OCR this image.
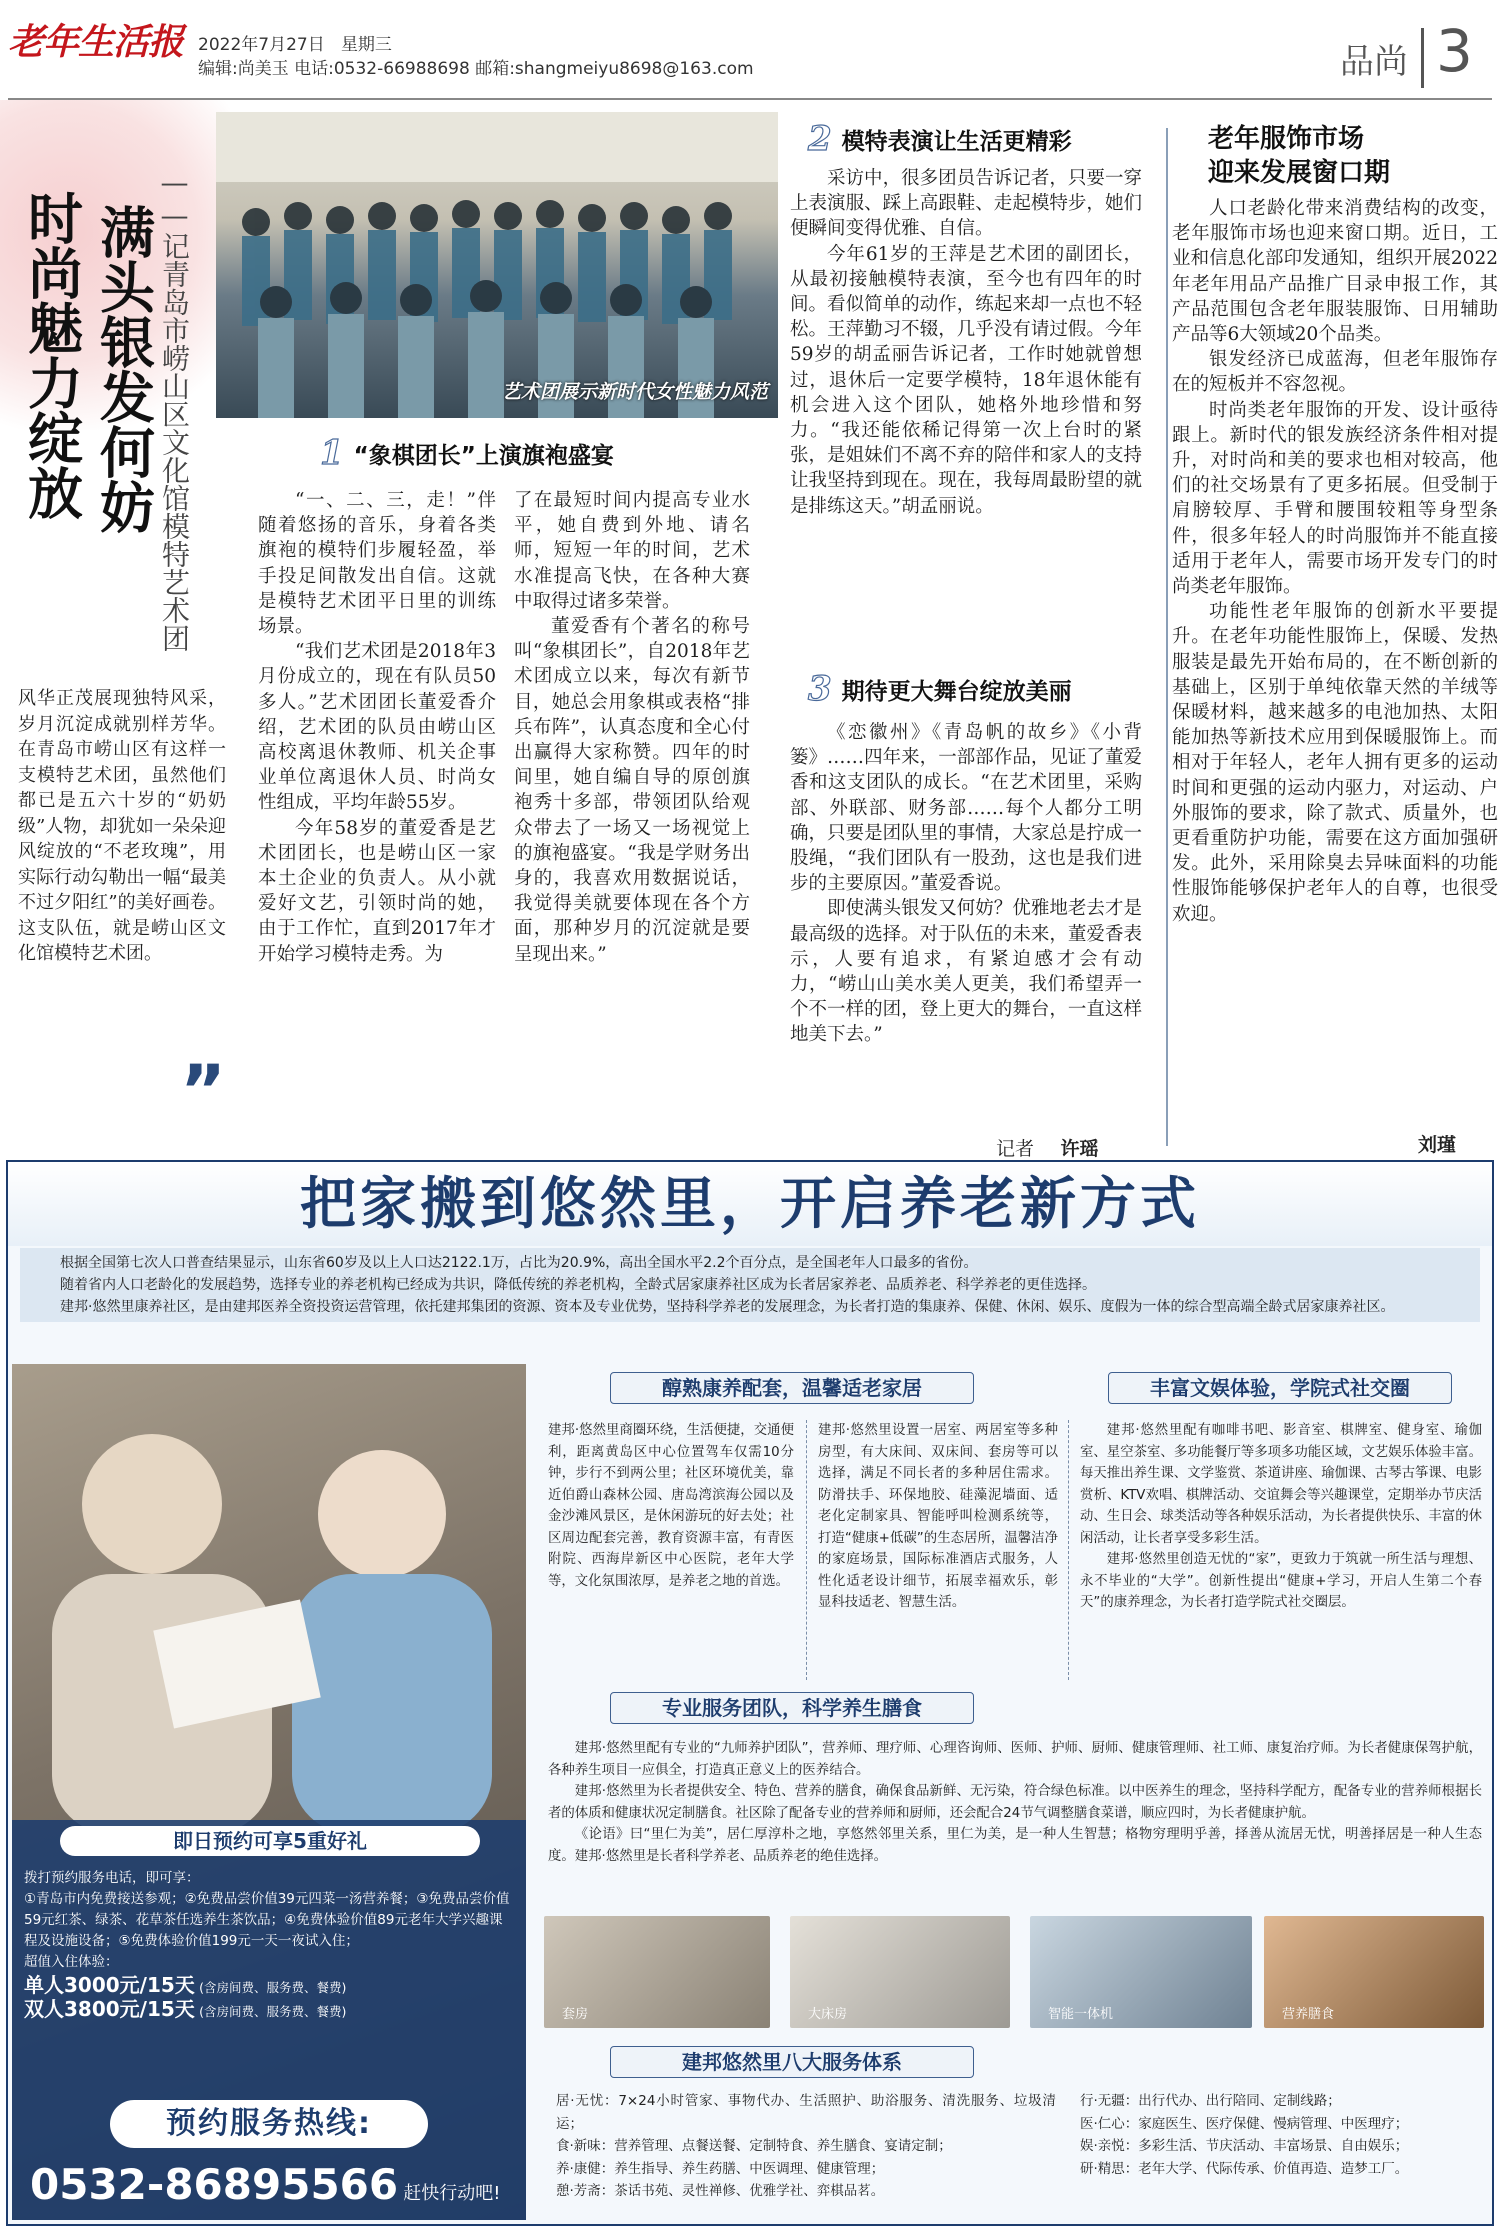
老年生活报 2022年7月27日 星期三
编辑:尚美玉 电话:0532-66988698 邮箱:shangmeiyu8698@163.com	品尚 3
满头银发何妨
时尚魅力绽放	——记青岛市崂山区文化馆模特艺术团	艺术团展示新时代女性魅力风范
风华正茂展现独特风采，岁月沉淀成就别样芳华。在青岛市崂山区有这样一支模特艺术团，虽然他们都已是五六十岁的“奶奶级”人物，却犹如一朵朵迎风绽放的“不老玫瑰”，用实际行动勾勒出一幅“最美不过夕阳红”的美好画卷。这支队伍，就是崂山区文化馆模特艺术团。
”
1 “象棋团长”上演旗袍盛宴

“一、二、三，走！”伴随着悠扬的音乐，身着各类旗袍的模特们步履轻盈，举手投足间散发出自信。这就是模特艺术团平日里的训练场景。

“我们艺术团是2018年3月份成立的，现在有队员50多人。”艺术团团长董爱香介绍，艺术团的队员由崂山区高校离退休教师、机关企事业单位离退休人员、时尚女性组成，平均年龄55岁。

今年58岁的董爱香是艺术团团长，也是崂山区一家本土企业的负责人。从小就爱好文艺，引领时尚的她，由于工作忙，直到2017年才开始学习模特走秀。为

了在最短时间内提高专业水平，她自费到外地、请名师，短短一年的时间，艺术水准提高飞快，在各种大赛中取得过诸多荣誉。

董爱香有个著名的称号叫“象棋团长”，自2018年艺术团成立以来，每次有新节目，她总会用象棋或表格“排兵布阵”，认真态度和全心付出赢得大家称赞。四年的时间里，她自编自导的原创旗袍秀十多部，带领团队给观众带去了一场又一场视觉上的旗袍盛宴。“我是学财务出身的，我喜欢用数据说话，我觉得美就要体现在各个方面，那种岁月的沉淀就是要呈现出来。”

2 模特表演让生活更精彩

采访中，很多团员告诉记者，只要一穿上表演服、踩上高跟鞋、走起模特步，她们便瞬间变得优雅、自信。

今年61岁的王萍是艺术团的副团长，从最初接触模特表演，至今也有四年的时间。看似简单的动作，练起来却一点也不轻松。王萍勤习不辍，几乎没有请过假。今年59岁的胡孟丽告诉记者，工作时她就曾想过，退休后一定要学模特，18年退休能有机会进入这个团队，她格外地珍惜和努力。“我还能依稀记得第一次上台时的紧张，是姐妹们不离不弃的陪伴和家人的支持让我坚持到现在。现在，我每周最盼望的就是排练这天。”胡孟丽说。

3 期待更大舞台绽放美丽

《恋徽州》《青岛帆的故乡》《小背篓》……四年来，一部部作品，见证了董爱香和这支团队的成长。“在艺术团里，采购部、外联部、财务部……每个人都分工明确，只要是团队里的事情，大家总是拧成一股绳，“我们团队有一股劲，这也是我们进步的主要原因。”董爱香说。

即使满头银发又何妨？优雅地老去才是最高级的选择。对于队伍的未来，董爱香表示，人要有追求，有紧迫感才会有动力，“崂山山美水美人更美，我们希望弄一个不一样的团，登上更大的舞台，一直这样地美下去。”

记者 许瑶
老年服饰市场
迎来发展窗口期

人口老龄化带来消费结构的改变，老年服饰市场也迎来窗口期。近日，工业和信息化部印发通知，组织开展2022年老年用品产品推广目录申报工作，其产品范围包含老年服装服饰、日用辅助产品等6大领域20个品类。

银发经济已成蓝海，但老年服饰存在的短板并不容忽视。

时尚类老年服饰的开发、设计亟待跟上。新时代的银发族经济条件相对提升，对时尚和美的要求也相对较高，他们的社交场景有了更多拓展。但受制于肩膀较厚、手臂和腰围较粗等身型条件，很多年轻人的时尚服饰并不能直接适用于老年人，需要市场开发专门的时尚类老年服饰。

功能性老年服饰的创新水平要提升。在老年功能性服饰上，保暖、发热服装是最先开始布局的，在不断创新的基础上，区别于单纯依靠天然的羊绒等保暖材料，越来越多的电池加热、太阳能加热等新技术应用到保暖服饰上。而相对于年轻人，老年人拥有更多的运动时间和更强的运动内驱力，对运动、户外服饰的要求，除了款式、质量外，也更看重防护功能，需要在这方面加强研发。此外，采用除臭去异味面料的功能性服饰能够保护老年人的自尊，也很受欢迎。

刘瑾
把家搬到悠然里，开启养老新方式

根据全国第七次人口普查结果显示，山东省60岁及以上人口达2122.1万，占比为20.9%，高出全国水平2.2个百分点，是全国老年人口最多的省份。

随着省内人口老龄化的发展趋势，选择专业的养老机构已经成为共识，降低传统的养老机构，全龄式居家康养社区成为长者居家养老、品质养老、科学养老的更佳选择。

建邦·悠然里康养社区，是由建邦医养全资投资运营管理，依托建邦集团的资源、资本及专业优势，坚持科学养老的发展理念，为长者打造的集康养、保健、休闲、娱乐、度假为一体的综合型高端全龄式居家康养社区。

即日预约可享5重好礼
拨打预约服务电话，即可享：
①青岛市内免费接送参观；②免费品尝价值39元四菜一汤营养餐；③免费品尝价值59元红茶、绿茶、花草茶任选养生茶饮品；④免费体验价值89元老年大学兴趣课程及设施设备；⑤免费体验价值199元一天一夜试入住；
超值入住体验：
单人3000元/15天 (含房间费、服务费、餐费)
双人3800元/15天 (含房间费、服务费、餐费)
预约服务热线:
0532-86895566 赶快行动吧!
醇熟康养配套，温馨适老家居
建邦·悠然里商圈环绕，生活便捷，交通便利，距离黄岛区中心位置驾车仅需10分钟，步行不到两公里；社区环境优美，靠近伯爵山森林公园、唐岛湾滨海公园以及金沙滩风景区，是休闲游玩的好去处；社区周边配套完善，教育资源丰富，有青医附院、西海岸新区中心医院，老年大学等，文化氛围浓厚，是养老之地的首选。
建邦·悠然里设置一居室、两居室等多种房型，有大床间、双床间、套房等可以选择，满足不同长者的多种居住需求。防滑扶手、环保地胶、硅藻泥墙面、适老化定制家具、智能呼叫检测系统等，打造“健康+低碳”的生态居所，温馨洁净的家庭场景，国际标准酒店式服务，人性化适老设计细节，拓展幸福欢乐，彰显科技适老、智慧生活。
丰富文娱体验，学院式社交圈

建邦·悠然里配有咖啡书吧、影音室、棋牌室、健身室、瑜伽室、星空茶室、多功能餐厅等多项多功能区域，文艺娱乐体验丰富。每天推出养生课、文学鉴赏、茶道讲座、瑜伽课、古琴古筝课、电影赏析、KTV欢唱、棋牌活动、交谊舞会等兴趣课堂，定期举办节庆活动、生日会、球类活动等各种娱乐活动，为长者提供快乐、丰富的休闲活动，让长者享受多彩生活。

建邦·悠然里创造无忧的“家”，更致力于筑就一所生活与理想、永不毕业的“大学”。创新性提出“健康+学习，开启人生第二个春天”的康养理念，为长者打造学院式社交圈层。

专业服务团队，科学养生膳食

建邦·悠然里配有专业的“九师养护团队”，营养师、理疗师、心理咨询师、医师、护师、厨师、健康管理师、社工师、康复治疗师。为长者健康保驾护航，各种养生项目一应俱全，打造真正意义上的医养结合。

建邦·悠然里为长者提供安全、特色、营养的膳食，确保食品新鲜、无污染，符合绿色标准。以中医养生的理念，坚持科学配方，配备专业的营养师根据长者的体质和健康状况定制膳食。社区除了配备专业的营养师和厨师，还会配合24节气调整膳食菜谱，顺应四时，为长者健康护航。

《论语》曰“里仁为美”，居仁厚淳朴之地，享悠然邻里关系，里仁为美，是一种人生智慧；格物穷理明乎善，择善从流居无忧，明善择居是一种人生态度。建邦·悠然里是长者科学养老、品质养老的绝佳选择。

套房	大床房	智能一体机	营养膳食
建邦悠然里八大服务体系
居·无忧：7×24小时管家、事物代办、生活照护、助浴服务、清洗服务、垃圾清运；
食·新味：营养管理、点餐送餐、定制特食、养生膳食、宴请定制；
养·康健：养生指导、养生药膳、中医调理、健康管理；
憩·芳斋：茶话书苑、灵性禅修、优雅学社、弈棋品茗。
行·无疆：出行代办、出行陪同、定制线路；
医·仁心：家庭医生、医疗保健、慢病管理、中医理疗；
娱·亲悦：多彩生活、节庆活动、丰富场景、自由娱乐；
研·精思：老年大学、代际传承、价值再造、造梦工厂。
